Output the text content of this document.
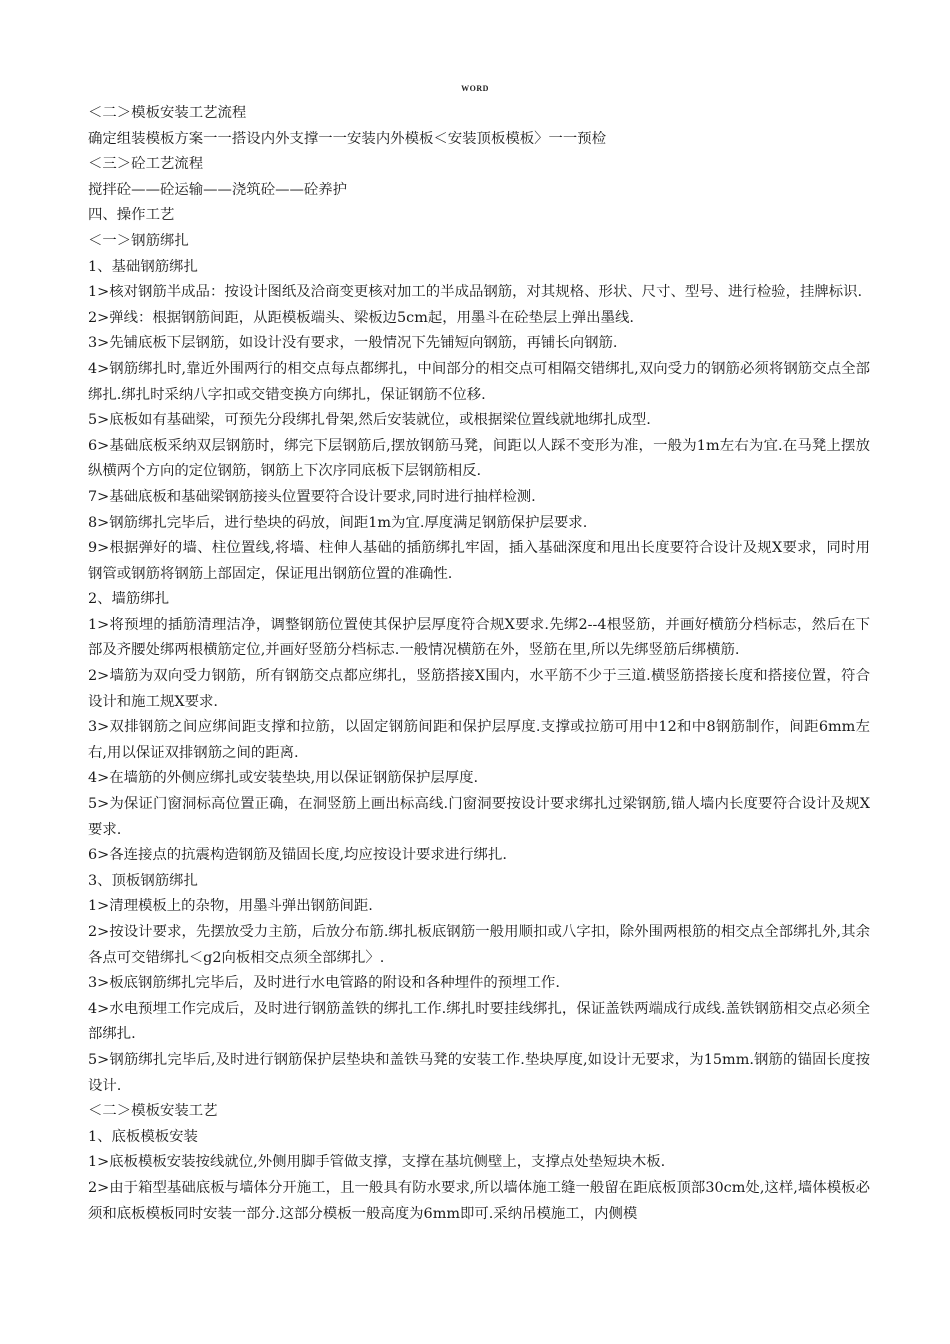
WORD

＜二＞模板安装工艺流程

确定组装模板方案一一搭设内外支撑一一安装内外模板＜安装顶板模板〉一一预检

＜三＞砼工艺流程

搅拌砼——砼运输——浇筑砼——砼养护

四、操作工艺

＜一＞钢筋绑扎

1、基础钢筋绑扎

1>核对钢筋半成品：按设计图纸及洽商变更核对加工的半成品钢筋，对其规格、形状、尺寸、型号、进行检验，挂牌标识.

2>弹线：根据钢筋间距，从距模板端头、梁板边5cm起，用墨斗在砼垫层上弹出墨线.

3>先铺底板下层钢筋，如设计没有要求，一般情况下先铺短向钢筋，再铺长向钢筋.

4>钢筋绑扎时,靠近外围两行的相交点每点都绑扎，中间部分的相交点可相隔交错绑扎,双向受力的钢筋必须将钢筋交点全部绑扎.绑扎时采纳八字扣或交错变换方向绑扎，保证钢筋不位移.

5>底板如有基础梁，可预先分段绑扎骨架,然后安装就位，或根据梁位置线就地绑扎成型.

6>基础底板采纳双层钢筋时，绑完下层钢筋后,摆放钢筋马凳，间距以人踩不变形为准，一般为1m左右为宜.在马凳上摆放纵横两个方向的定位钢筋，钢筋上下次序同底板下层钢筋相反.

7>基础底板和基础梁钢筋接头位置要符合设计要求,同时进行抽样检测.

8>钢筋绑扎完毕后，进行垫块的码放，间距1m为宜.厚度满足钢筋保护层要求.

9>根据弹好的墙、柱位置线,将墙、柱伸人基础的插筋绑扎牢固，插入基础深度和甩出长度要符合设计及规X要求，同时用钢管或钢筋将钢筋上部固定，保证甩出钢筋位置的准确性.

2、墙筋绑扎

1>将预埋的插筋清理洁净，调整钢筋位置使其保护层厚度符合规X要求.先绑2--4根竖筋，并画好横筋分档标志，然后在下部及齐腰处绑两根横筋定位,并画好竖筋分档标志.一般情况横筋在外，竖筋在里,所以先绑竖筋后绑横筋.

2>墙筋为双向受力钢筋，所有钢筋交点都应绑扎，竖筋搭接X围内，水平筋不少于三道.横竖筋搭接长度和搭接位置，符合设计和施工规X要求.

3>双排钢筋之间应绑间距支撑和拉筋，以固定钢筋间距和保护层厚度.支撑或拉筋可用中12和中8钢筋制作，间距6mm左右,用以保证双排钢筋之间的距离.

4>在墙筋的外侧应绑扎或安装垫块,用以保证钢筋保护层厚度.

5>为保证门窗洞标高位置正确，在洞竖筋上画出标高线.门窗洞要按设计要求绑扎过梁钢筋,锚人墙内长度要符合设计及规X要求.

6>各连接点的抗震构造钢筋及锚固长度,均应按设计要求进行绑扎.

3、顶板钢筋绑扎

1>清理模板上的杂物，用墨斗弹出钢筋间距.

2>按设计要求，先摆放受力主筋，后放分布筋.绑扎板底钢筋一般用顺扣或八字扣，除外围两根筋的相交点全部绑扎外,其余各点可交错绑扎＜g2向板相交点须全部绑扎〉.

3>板底钢筋绑扎完毕后，及时进行水电管路的附设和各种埋件的预埋工作.

4>水电预埋工作完成后，及时进行钢筋盖铁的绑扎工作.绑扎时要挂线绑扎，保证盖铁两端成行成线.盖铁钢筋相交点必须全部绑扎.

5>钢筋绑扎完毕后,及时进行钢筋保护层垫块和盖铁马凳的安装工作.垫块厚度,如设计无要求，为15mm.钢筋的锚固长度按设计.

＜二＞模板安装工艺

1、底板模板安装

1>底板模板安装按线就位,外侧用脚手管做支撑，支撑在基坑侧壁上，支撑点处垫短块木板.

2>由于箱型基础底板与墙体分开施工，且一般具有防水要求,所以墙体施工缝一般留在距底板顶部30cm处,这样,墙体模板必须和底板模板同时安装一部分.这部分模板一般高度为6mm即可.采纳吊模施工，内侧模
